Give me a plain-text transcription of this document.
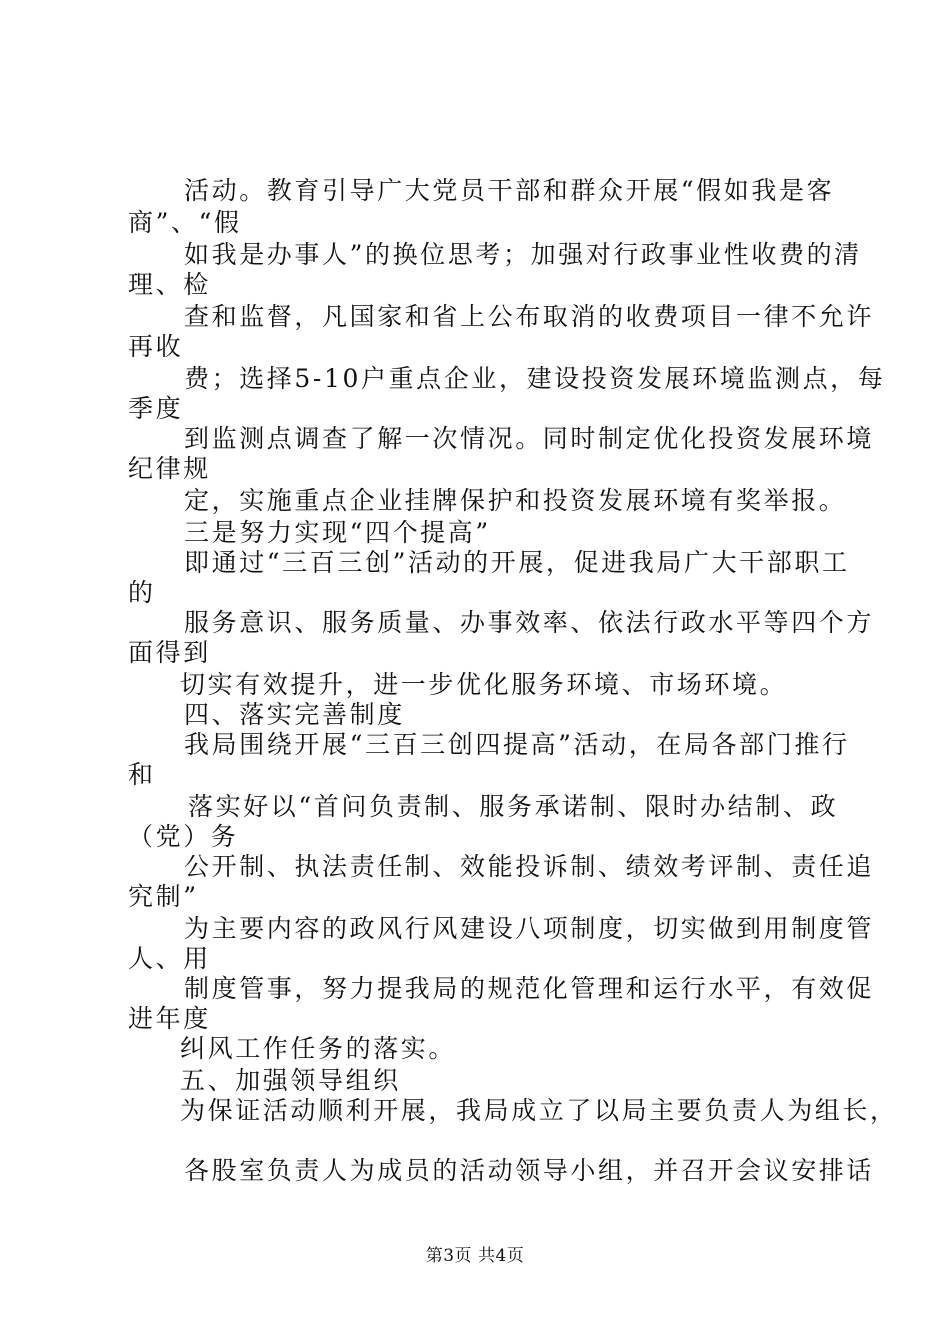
活动。教育引导广大党员干部和群众开展“假如我是客
商”、“假
如我是办事人”的换位思考；加强对行政事业性收费的清
理、检
查和监督，凡国家和省上公布取消的收费项目一律不允许
再收
费；选择5-10户重点企业，建设投资发展环境监测点，每
季度
到监测点调查了解一次情况。同时制定优化投资发展环境
纪律规
定，实施重点企业挂牌保护和投资发展环境有奖举报。
三是努力实现“四个提高”
即通过“三百三创”活动的开展，促进我局广大干部职工
的
服务意识、服务质量、办事效率、依法行政水平等四个方
面得到
切实有效提升，进一步优化服务环境、市场环境。
四、落实完善制度
我局围绕开展“三百三创四提高”活动，在局各部门推行
和
落实好以“首问负责制、服务承诺制、限时办结制、政
（党）务
公开制、执法责任制、效能投诉制、绩效考评制、责任追
究制”
为主要内容的政风行风建设八项制度，切实做到用制度管
人、用
制度管事，努力提我局的规范化管理和运行水平，有效促
进年度
纠风工作任务的落实。
五、加强领导组织
为保证活动顺利开展，我局成立了以局主要负责人为组长，
各股室负责人为成员的活动领导小组，并召开会议安排话
第3页 共4页
